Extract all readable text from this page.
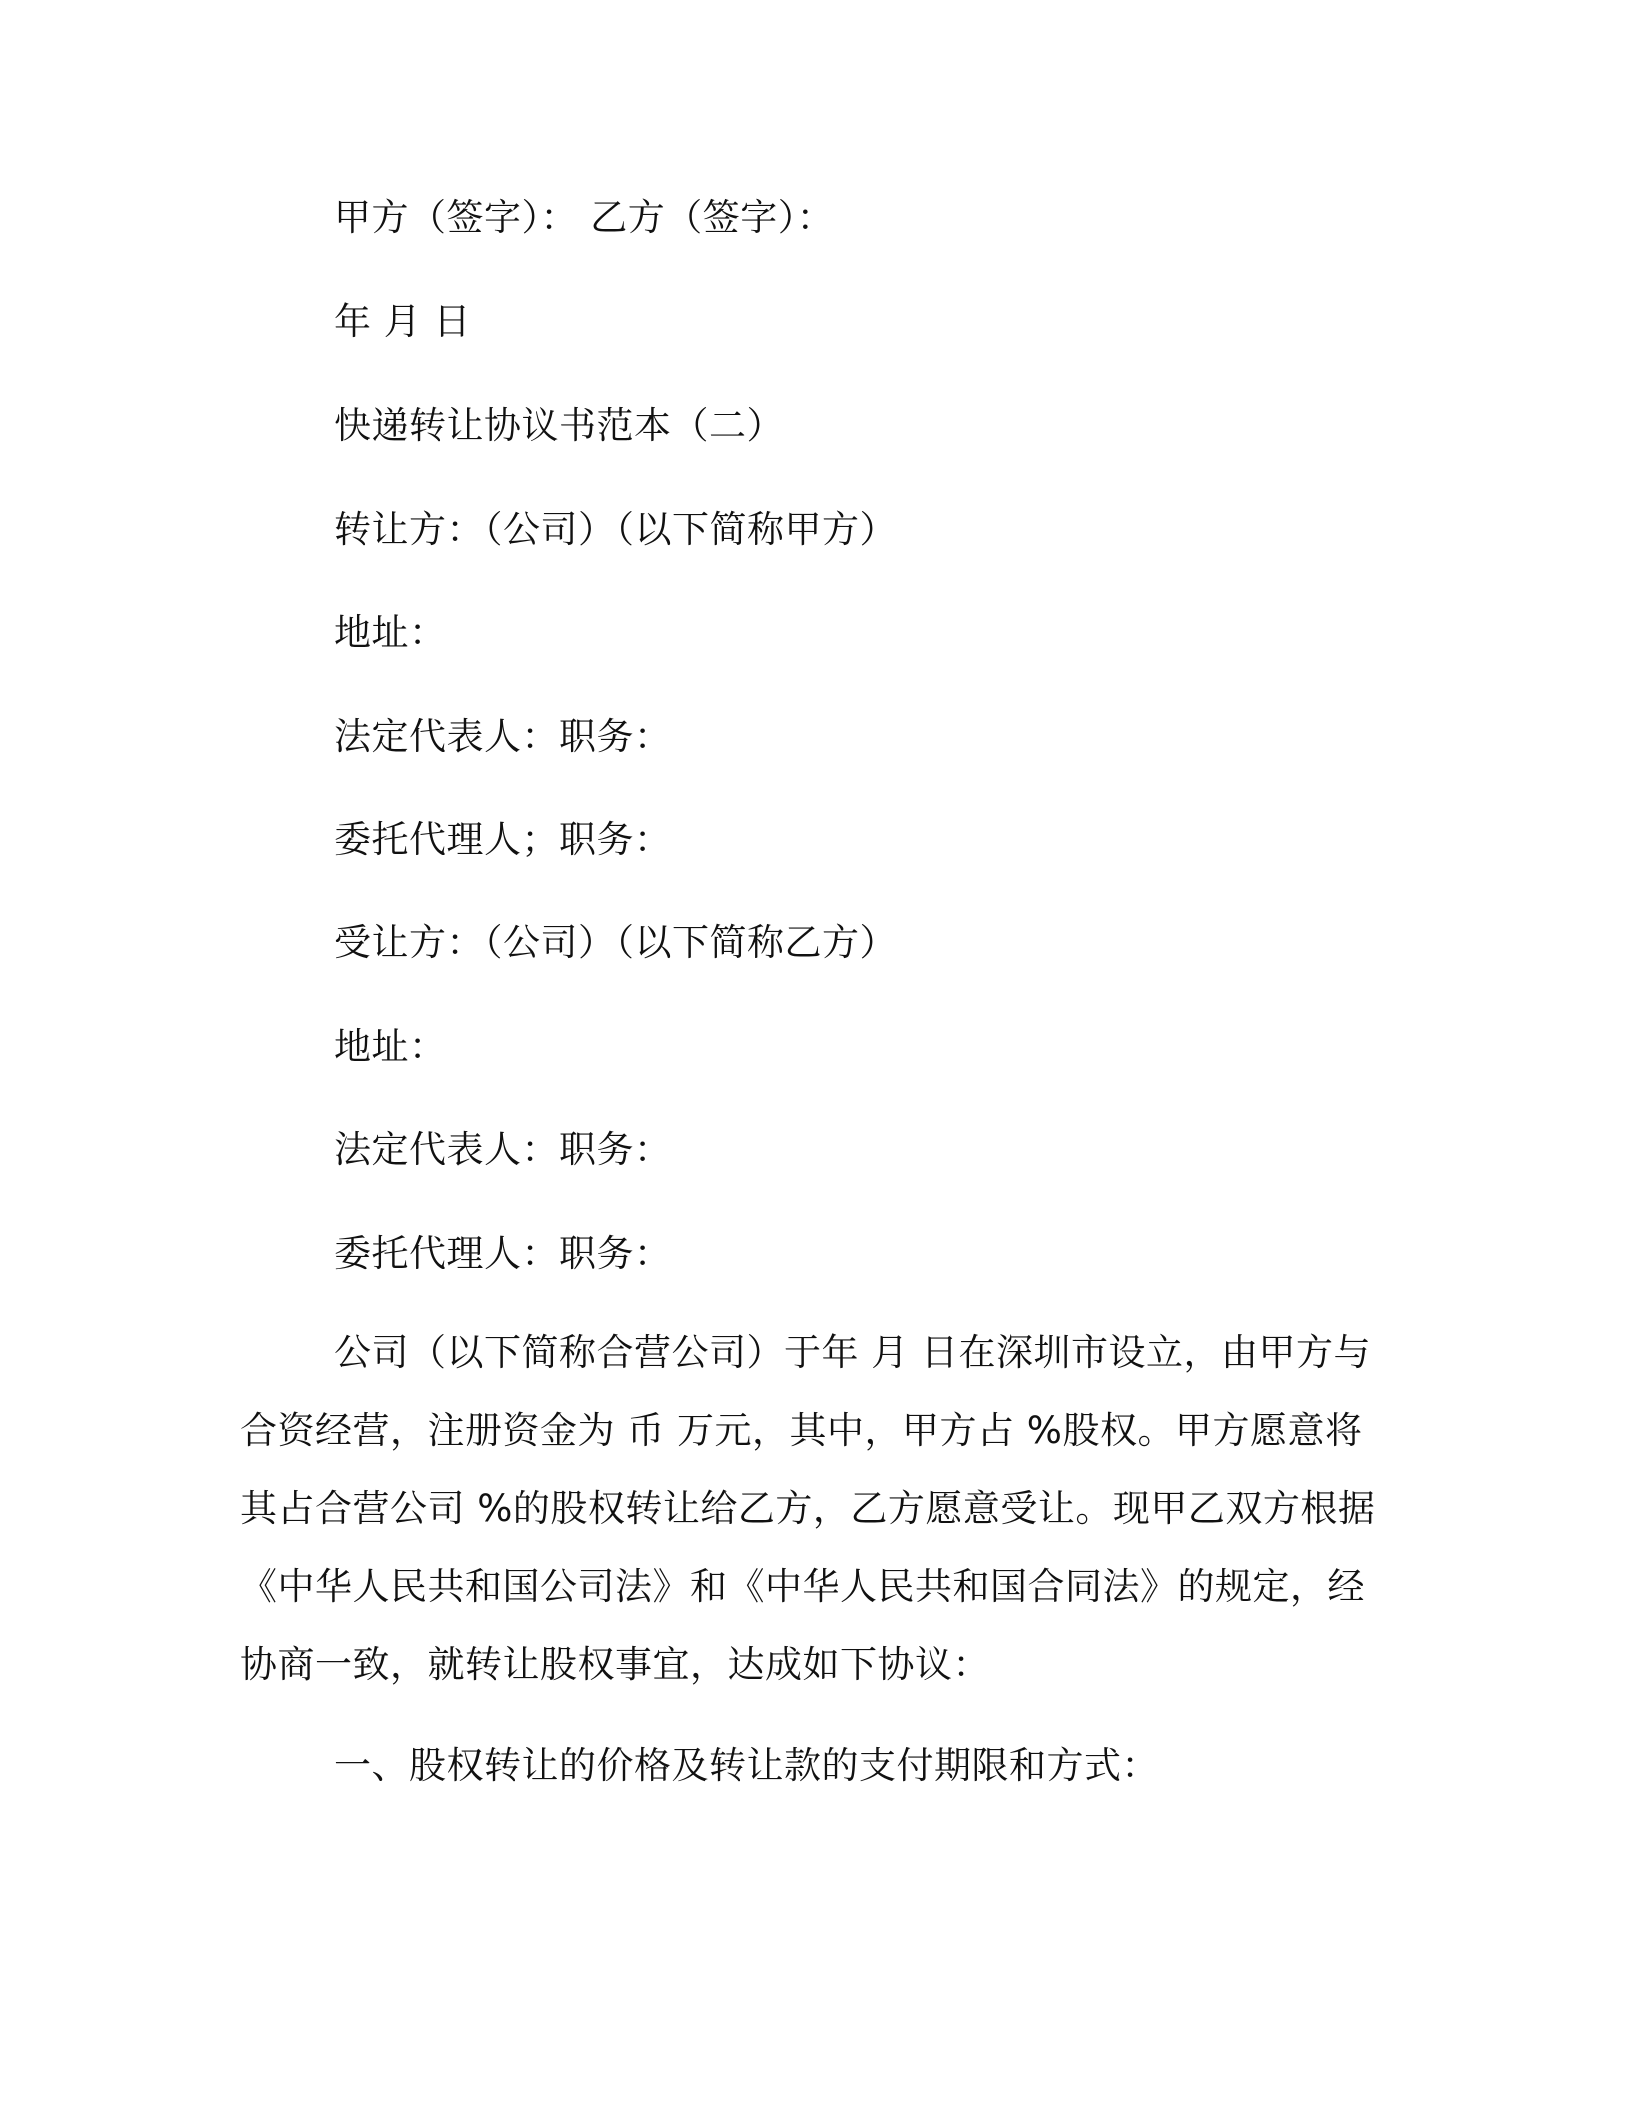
甲方（签字）： 乙方（签字）：
年 月 日
快递转让协议书范本（二）
转让方：（公司）（以下简称甲方）
地址：
法定代表人：职务：
委托代理人；职务：
受让方：（公司）（以下简称乙方）
地址：
法定代表人：职务：
委托代理人：职务：

公司（以下简称合营公司）于年 月 日在深圳市设立，由甲方与合资经营，注册资金为 币 万元，其中，甲方占 %股权。甲方愿意将其占合营公司 %的股权转让给乙方，乙方愿意受让。现甲乙双方根据《中华人民共和国公司法》和《中华人民共和国合同法》的规定，经协商一致，就转让股权事宜，达成如下协议：

一、股权转让的价格及转让款的支付期限和方式：
